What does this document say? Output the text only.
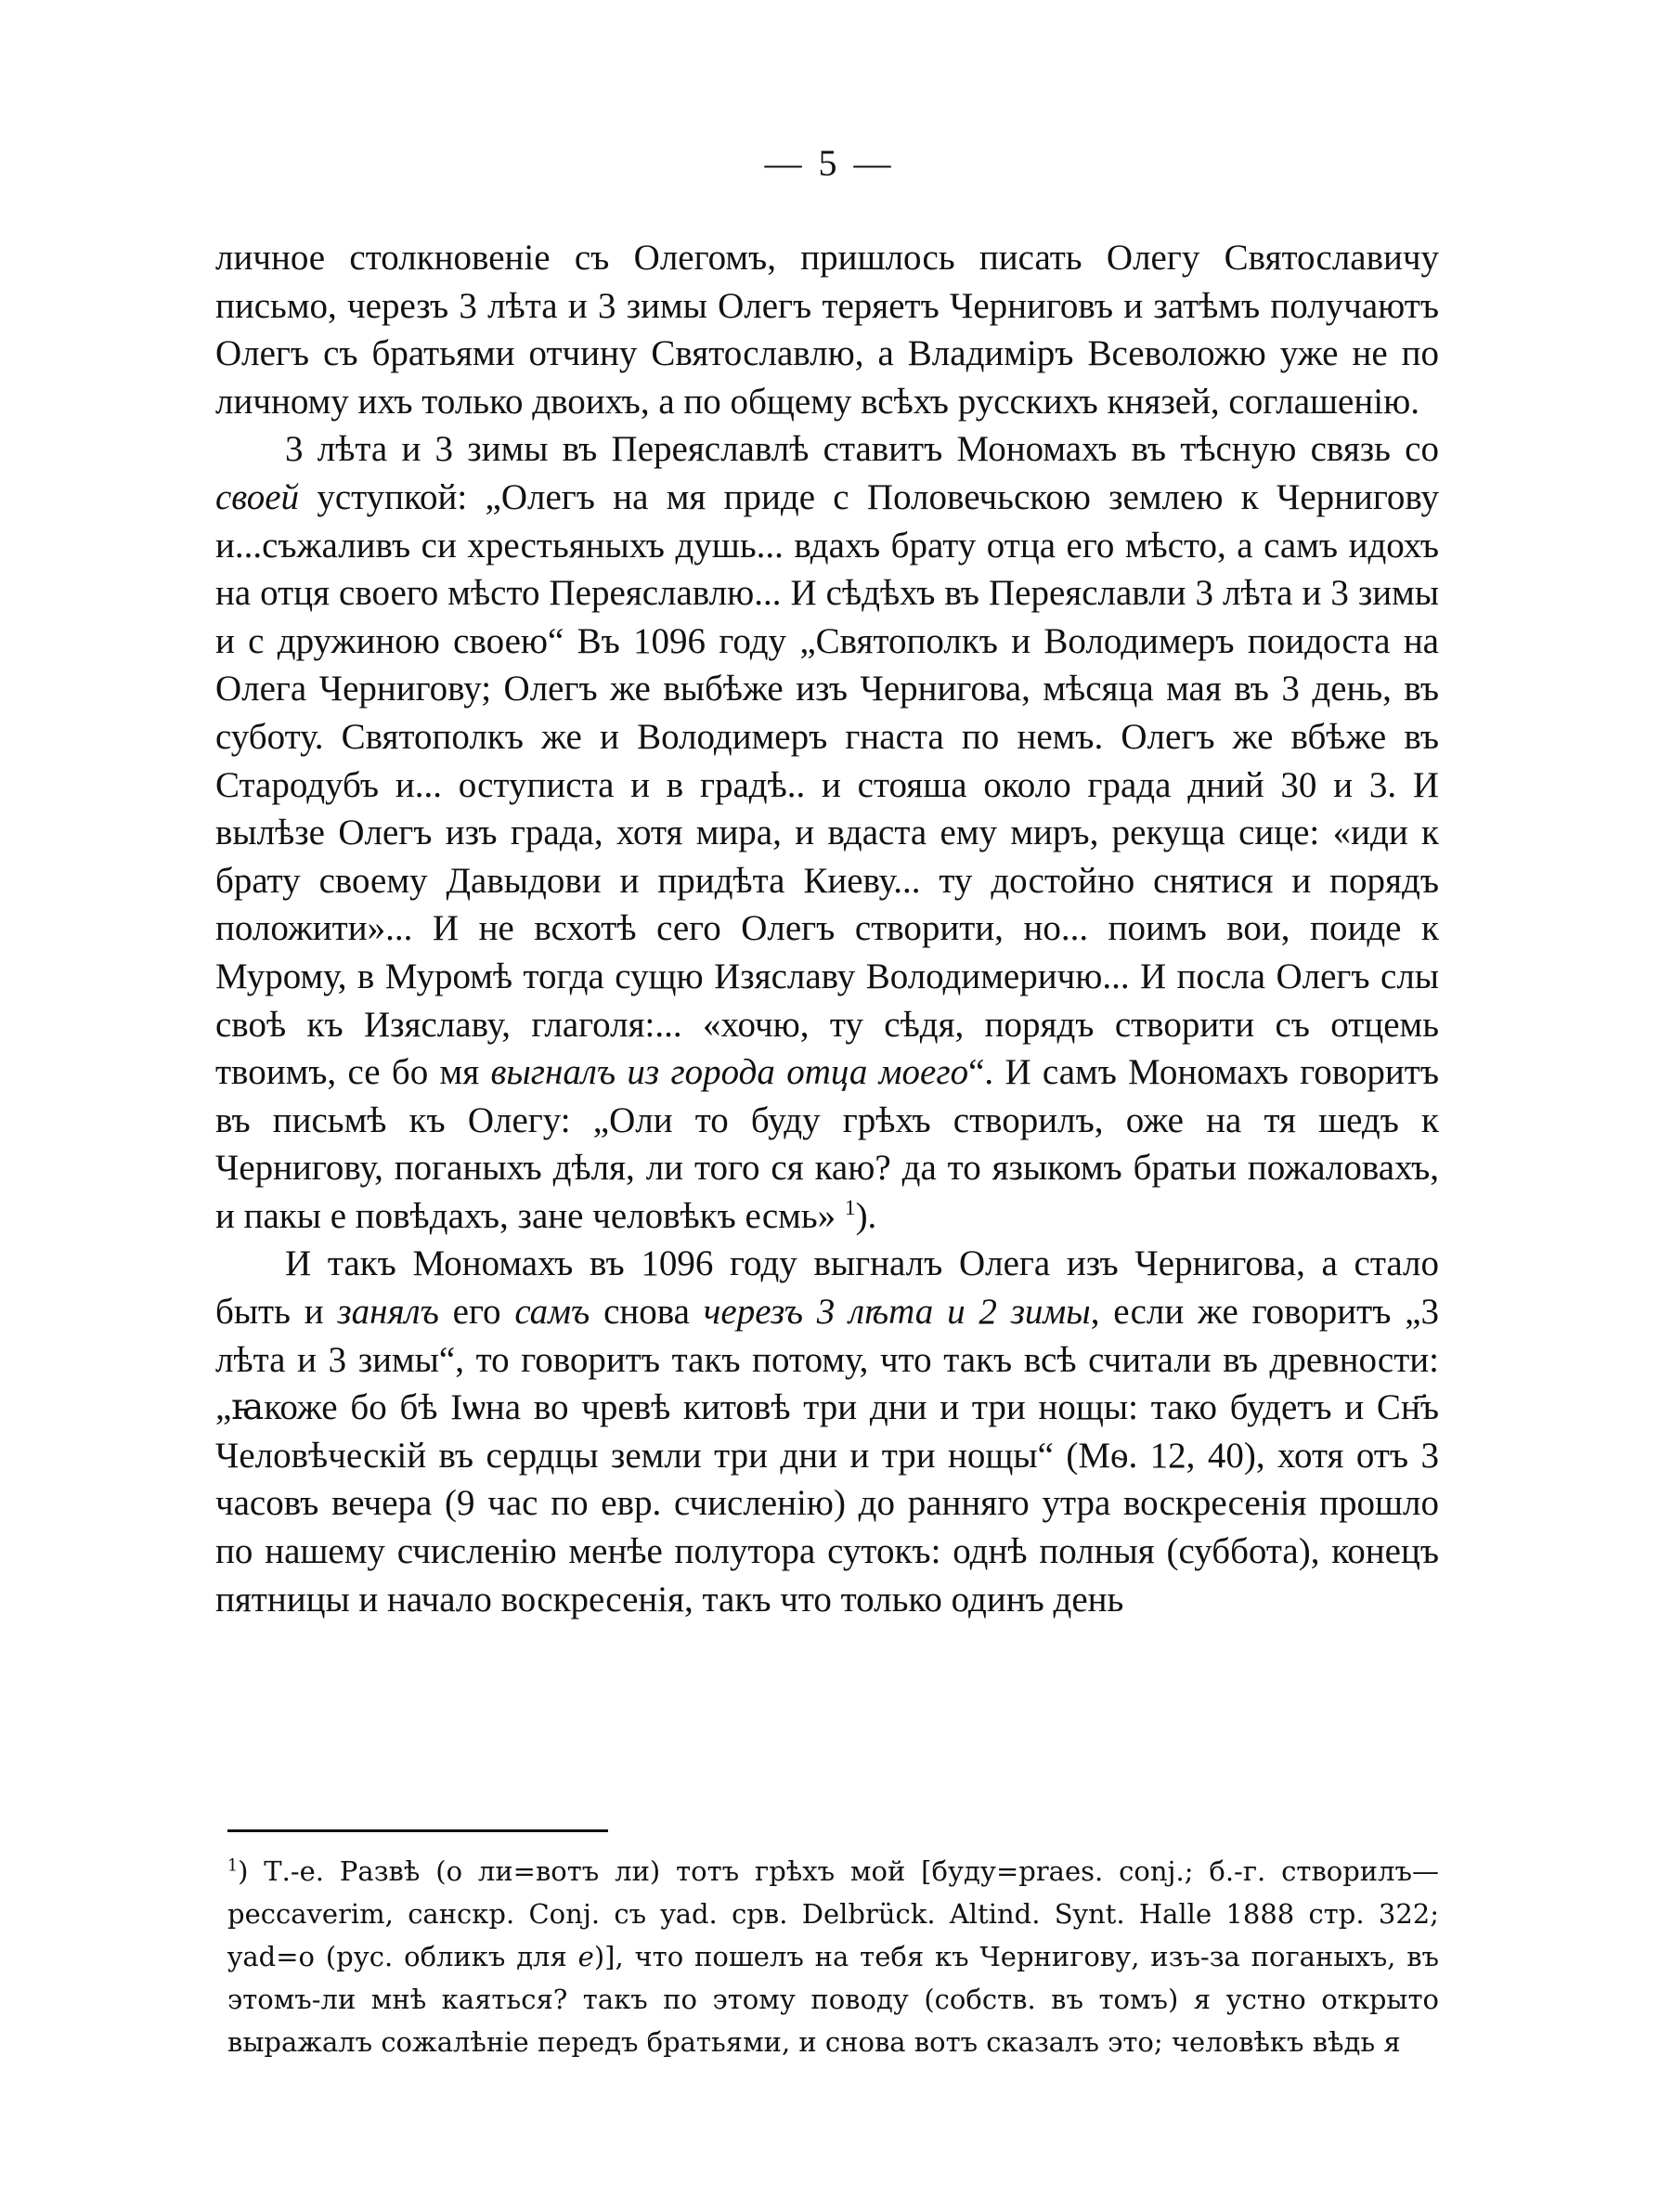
— 5 —

личное столкновеніе съ Олегомъ, пришлось писать Олегу Святославичу письмо, черезъ 3 лѣта и 3 зимы Олегъ теряетъ Черниговъ и затѣмъ получаютъ Олегъ съ братьями отчину Святославлю, а Владиміръ Всеволожю уже не по личному ихъ только двоихъ, а по общему всѣхъ русскихъ князей, соглашенію.

3 лѣта и 3 зимы въ Переяславлѣ ставитъ Мономахъ въ тѣсную связь со своей уступкой: „Олегъ на мя приде с Половечьскою землею к Чернигову и...съжаливъ си хрестьяныхъ душь... вдахъ брату отца его мѣсто, а самъ идохъ на отця своего мѣсто Переяславлю... И сѣдѣхъ въ Переяславли 3 лѣта и 3 зимы и с дружиною своею“ Въ 1096 году „Святополкъ и Володимеръ поидоста на Олега Чернигову; Олегъ же выбѣже изъ Чернигова, мѣсяца мая въ 3 день, въ суботу. Святополкъ же и Володимеръ гнаста по немъ. Олегъ же вбѣже въ Стародубъ и... оступиста и в градѣ.. и стояша около града дний 30 и 3. И вылѣзе Олегъ изъ града, хотя мира, и вдаста ему миръ, рекуща сице: «иди к брату своему Давыдови и придѣта Киеву... ту достойно снятися и порядъ положити»... И не всхотѣ сего Олегъ створити, но... поимъ вои, поиде к Мурому, в Муромѣ тогда сущю Изяславу Володимеричю... И посла Олегъ слы своѣ къ Изяславу, глаголя:... «хочю, ту сѣдя, порядъ створити съ отцемь твоимъ, се бо мя выгналъ из города отца моего“. И самъ Мономахъ говоритъ въ письмѣ къ Олегу: „Оли то буду грѣхъ створилъ, оже на тя шедъ к Чернигову, поганыхъ дѣля, ли того ся каю? да то языкомъ братьи пожаловахъ, и пакы е повѣдахъ, зане человѣкъ есмь» $^1$).

И такъ Мономахъ въ 1096 году выгналъ Олега изъ Чернигова, а стало быть и занялъ его самъ снова черезъ 3 лѣта и 2 зимы, если же говоритъ „3 лѣта и 3 зимы“, то говоритъ такъ потому, что такъ всѣ считали въ древности: „ꙗкоже бо бѣ Іѡна во чревѣ китовѣ три дни и три нощы: тако будетъ и Сн҃ъ Человѣческій въ сердцы земли три дни и три нощы“ (Мѳ. 12, 40), хотя отъ 3 часовъ вечера (9 час по евр. счисленію) до ранняго утра воскресенія прошло по нашему счисленію менѣе полутора сутокъ: однѣ полныя (суббота), конецъ пятницы и начало воскресенія, такъ что только одинъ день

$^1$) Т.-е. Развѣ (о ли=вотъ ли) тотъ грѣхъ мой [буду=praes. conj.; б.-г. створилъ—peccaverim, санскр. Conj. съ yad. срв. Delbrück. Altind. Synt. Halle 1888 стр. 322; yad=о (рус. обликъ для е)], что пошелъ на тебя къ Чернигову, изъ-за поганыхъ, въ этомъ-ли мнѣ каяться? такъ по этому поводу (собств. въ томъ) я устно открыто выражалъ сожалѣніе передъ братьями, и снова вотъ сказалъ это; человѣкъ вѣдь я
